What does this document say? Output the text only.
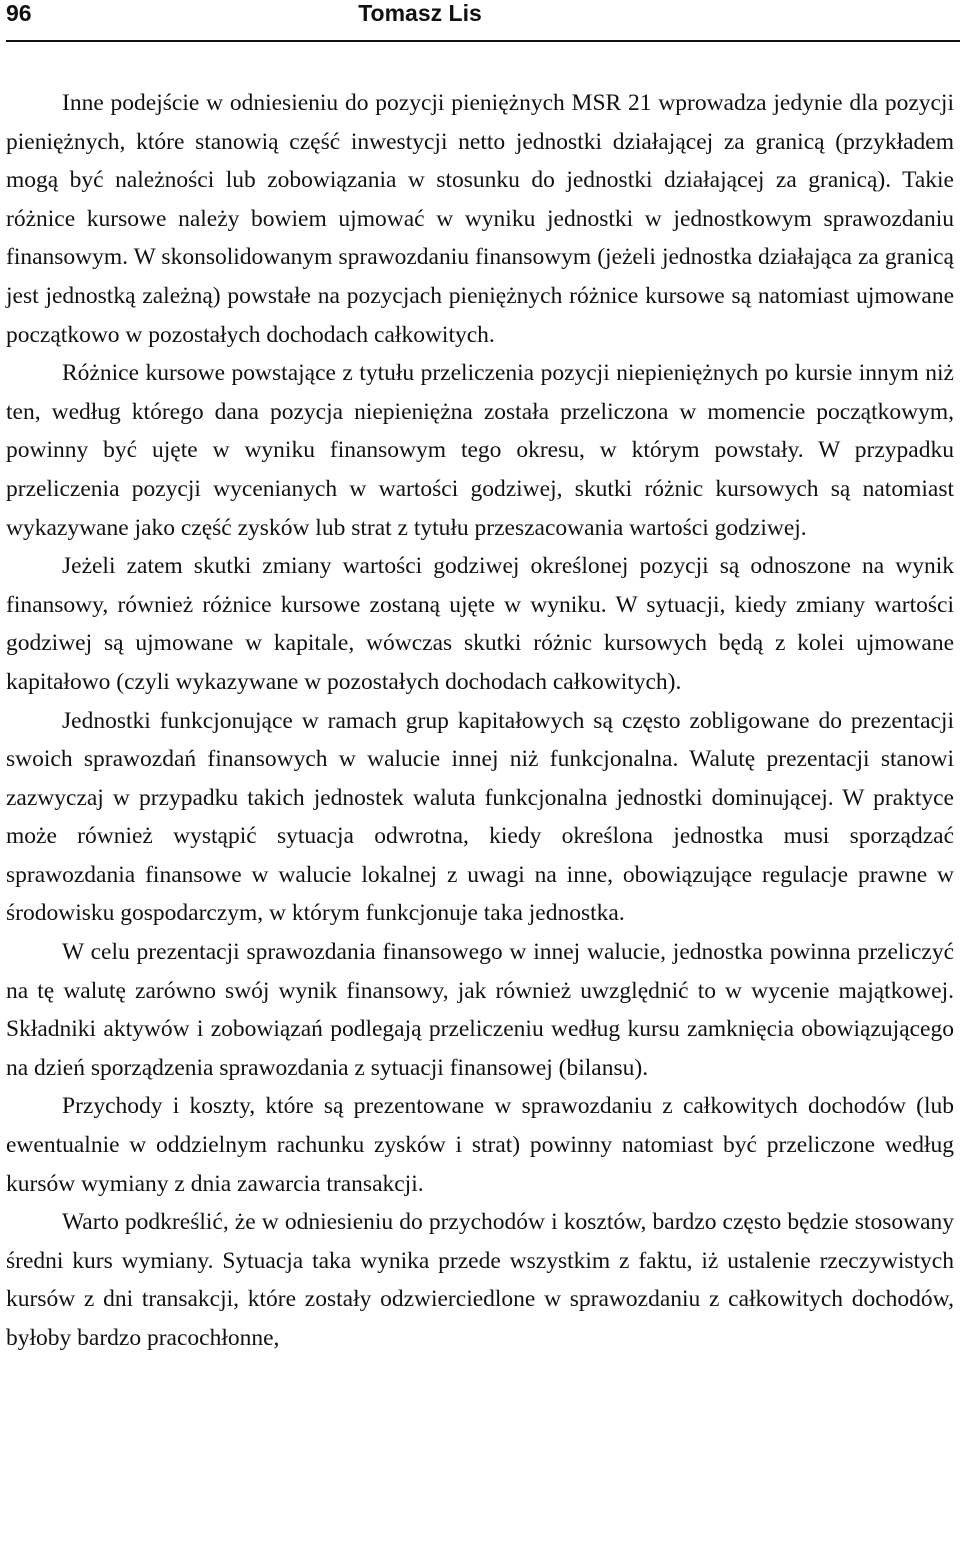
96	Tomasz Lis

Inne podejście w odniesieniu do pozycji pieniężnych MSR 21 wprowadza jedynie dla pozycji pieniężnych, które stanowią część inwestycji netto jednostki działającej za granicą (przykładem mogą być należności lub zobowiązania w stosunku do jednostki działającej za granicą). Takie różnice kursowe należy bowiem ujmować w wyniku jednostki w jednostkowym sprawozdaniu finansowym. W skonsolidowanym sprawozdaniu finansowym (jeżeli jednostka działająca za granicą jest jednostką zależną) powstałe na pozycjach pieniężnych różnice kursowe są natomiast ujmowane początkowo w pozostałych dochodach całkowitych.

Różnice kursowe powstające z tytułu przeliczenia pozycji niepieniężnych po kursie innym niż ten, według którego dana pozycja niepieniężna została przeliczona w momencie początkowym, powinny być ujęte w wyniku finansowym tego okresu, w którym powstały. W przypadku przeliczenia pozycji wycenianych w wartości godziwej, skutki różnic kursowych są natomiast wykazywane jako część zysków lub strat z tytułu przeszacowania wartości godziwej.

Jeżeli zatem skutki zmiany wartości godziwej określonej pozycji są odnoszone na wynik finansowy, również różnice kursowe zostaną ujęte w wyniku. W sytuacji, kiedy zmiany wartości godziwej są ujmowane w kapitale, wówczas skutki różnic kursowych będą z kolei ujmowane kapitałowo (czyli wykazywane w pozostałych dochodach całkowitych).

Jednostki funkcjonujące w ramach grup kapitałowych są często zobligowane do prezentacji swoich sprawozdań finansowych w walucie innej niż funkcjonalna. Walutę prezentacji stanowi zazwyczaj w przypadku takich jednostek waluta funkcjonalna jednostki dominującej. W praktyce może również wystąpić sytuacja odwrotna, kiedy określona jednostka musi sporządzać sprawozdania finansowe w walucie lokalnej z uwagi na inne, obowiązujące regulacje prawne w środowisku gospodarczym, w którym funkcjonuje taka jednostka.

W celu prezentacji sprawozdania finansowego w innej walucie, jednostka powinna przeliczyć na tę walutę zarówno swój wynik finansowy, jak również uwzględnić to w wycenie majątkowej. Składniki aktywów i zobowiązań podlegają przeliczeniu według kursu zamknięcia obowiązującego na dzień sporządzenia sprawozdania z sytuacji finansowej (bilansu).

Przychody i koszty, które są prezentowane w sprawozdaniu z całkowitych dochodów (lub ewentualnie w oddzielnym rachunku zysków i strat) powinny natomiast być przeliczone według kursów wymiany z dnia zawarcia transakcji.

Warto podkreślić, że w odniesieniu do przychodów i kosztów, bardzo często będzie stosowany średni kurs wymiany. Sytuacja taka wynika przede wszystkim z faktu, iż ustalenie rzeczywistych kursów z dni transakcji, które zostały odzwierciedlone w sprawozdaniu z całkowitych dochodów, byłoby bardzo pracochłonne,
